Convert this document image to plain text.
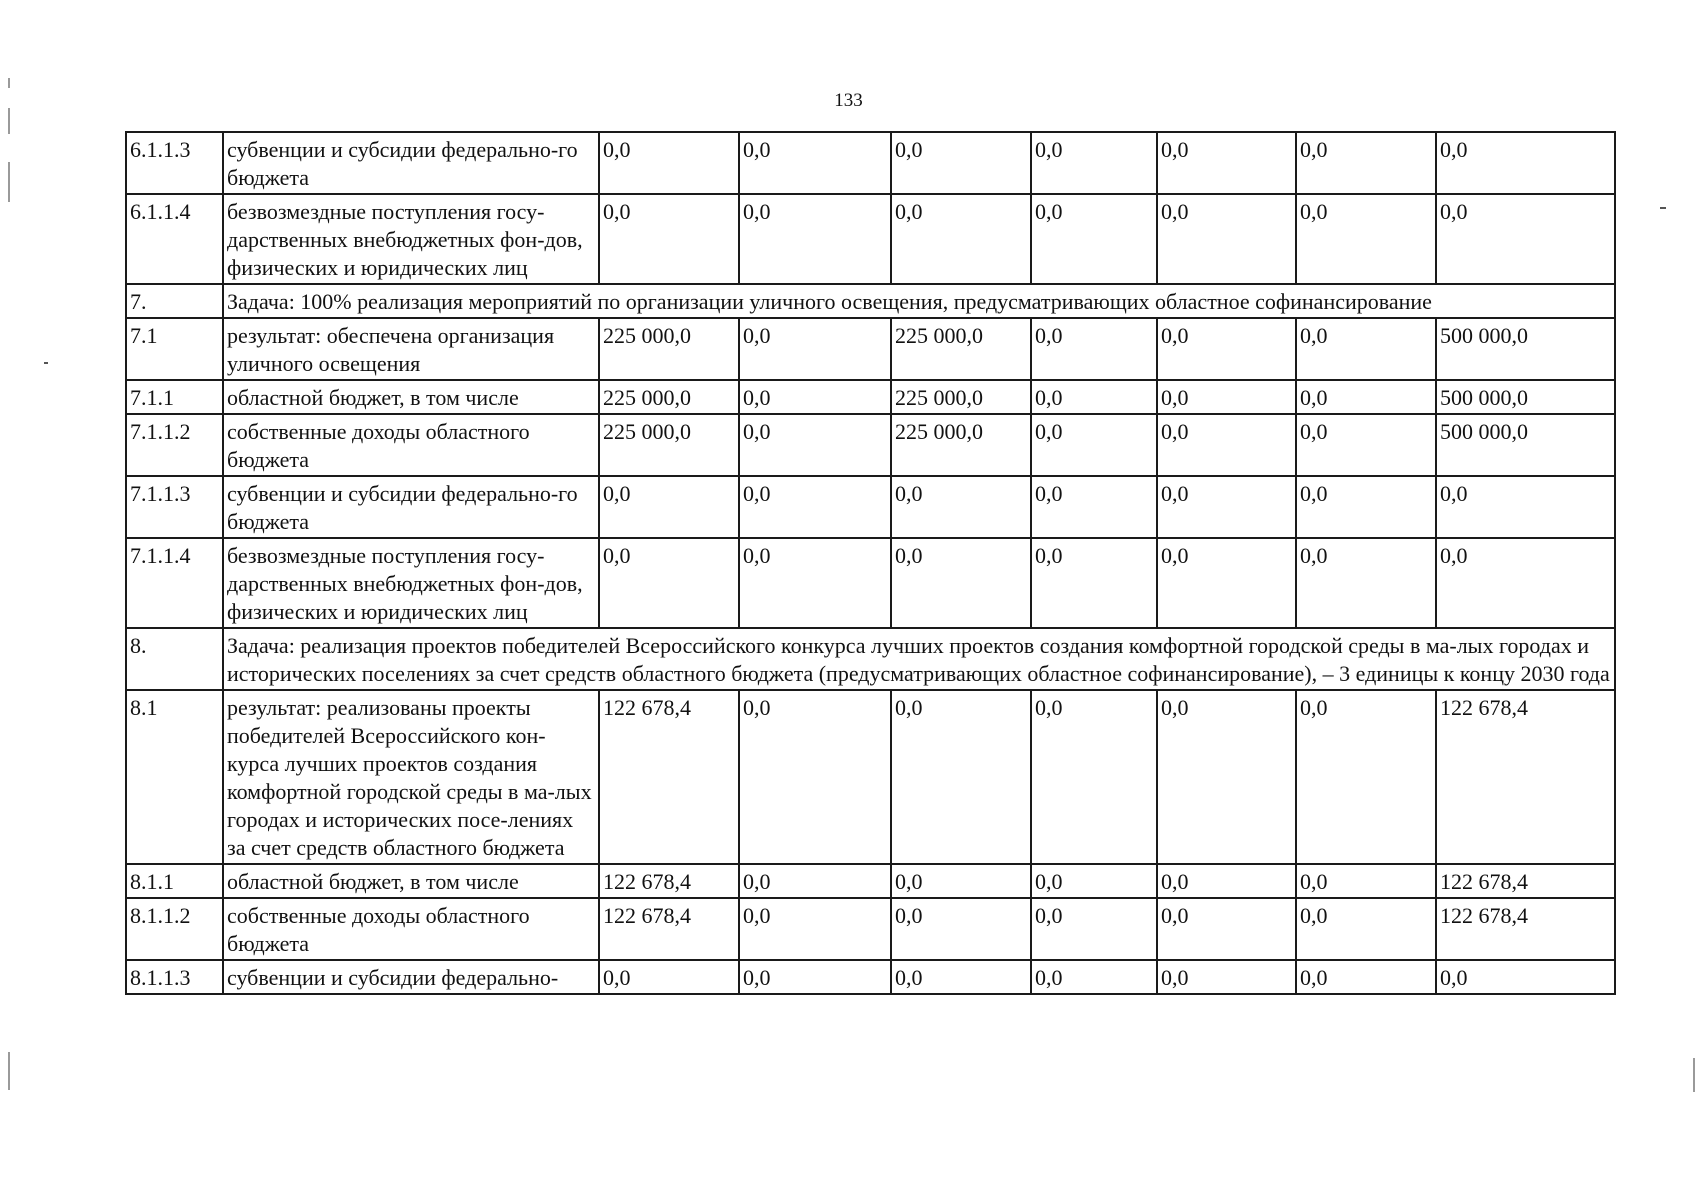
133
6.1.1.3	субвенции и субсидии федерально-го бюджета	0,0	0,0	0,0	0,0	0,0	0,0	0,0
6.1.1.4	безвозмездные поступления госу-дарственных внебюджетных фон-дов, физических и юридических лиц	0,0	0,0	0,0	0,0	0,0	0,0	0,0
7.	Задача: 100% реализация мероприятий по организации уличного освещения, предусматривающих областное софинансирование							
7.1	результат: обеспечена организация уличного освещения	225 000,0	0,0	225 000,0	0,0	0,0	0,0	500 000,0
7.1.1	областной бюджет, в том числе	225 000,0	0,0	225 000,0	0,0	0,0	0,0	500 000,0
7.1.1.2	собственные доходы областного бюджета	225 000,0	0,0	225 000,0	0,0	0,0	0,0	500 000,0
7.1.1.3	субвенции и субсидии федерально-го бюджета	0,0	0,0	0,0	0,0	0,0	0,0	0,0
7.1.1.4	безвозмездные поступления госу-дарственных внебюджетных фон-дов, физических и юридических лиц	0,0	0,0	0,0	0,0	0,0	0,0	0,0
8.	Задача: реализация проектов победителей Всероссийского конкурса лучших проектов создания комфортной городской среды в ма-лых городах и исторических поселениях за счет средств областного бюджета (предусматривающих областное софинансирование), – 3 единицы к концу 2030 года							
8.1	результат: реализованы проекты победителей Всероссийского кон-курса лучших проектов создания комфортной городской среды в ма-лых городах и исторических посе-лениях за счет средств областного бюджета	122 678,4	0,0	0,0	0,0	0,0	0,0	122 678,4
8.1.1	областной бюджет, в том числе	122 678,4	0,0	0,0	0,0	0,0	0,0	122 678,4
8.1.1.2	собственные доходы областного бюджета	122 678,4	0,0	0,0	0,0	0,0	0,0	122 678,4
8.1.1.3	субвенции и субсидии федерально-	0,0	0,0	0,0	0,0	0,0	0,0	0,0
